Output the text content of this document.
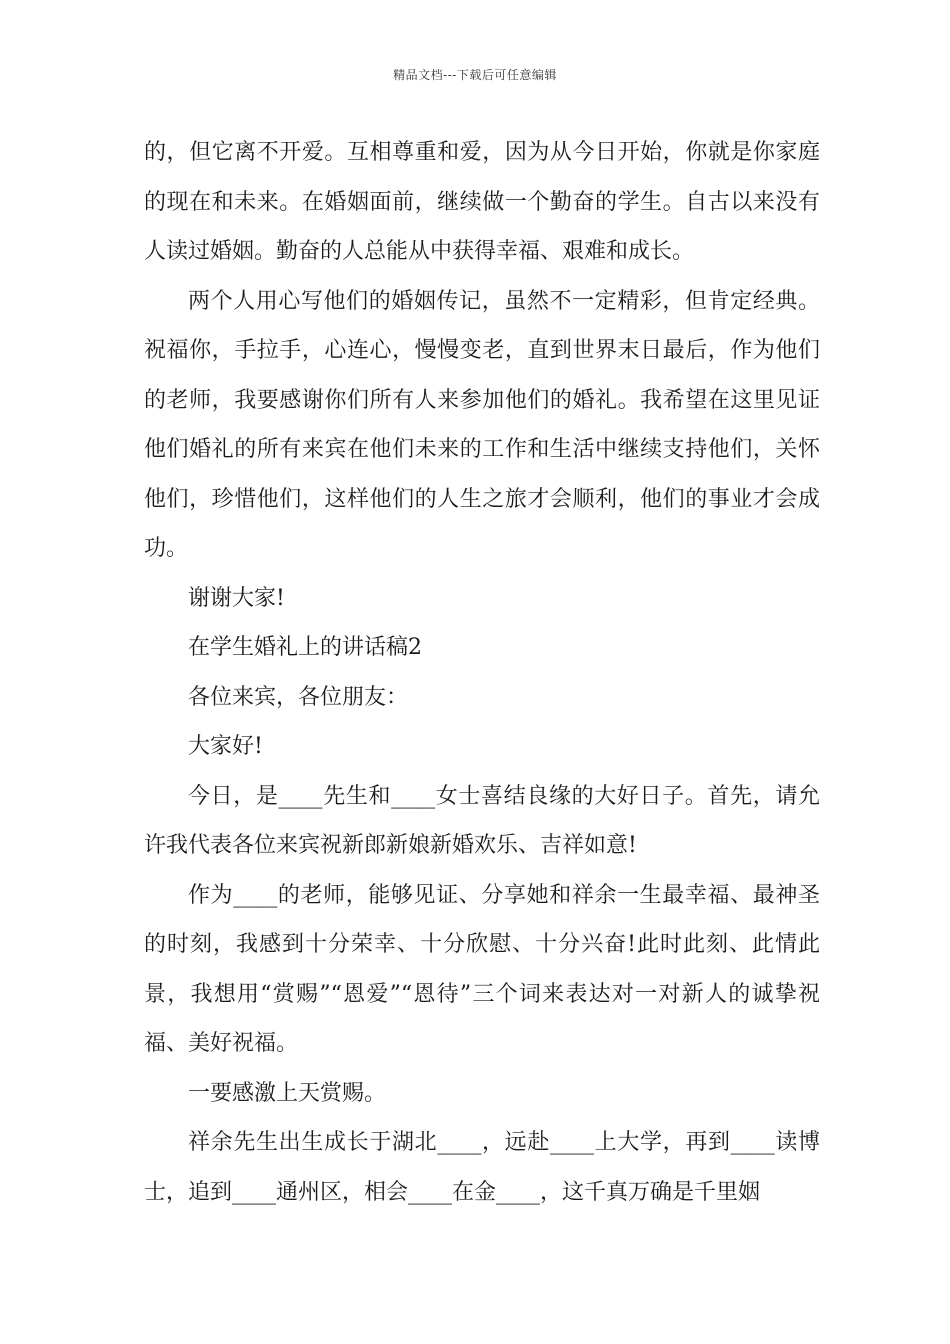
精品文档---下载后可任意编辑

的，但它离不开爱。互相尊重和爱，因为从今日开始，你就是你家庭的现在和未来。在婚姻面前，继续做一个勤奋的学生。自古以来没有人读过婚姻。勤奋的人总能从中获得幸福、艰难和成长。

两个人用心写他们的婚姻传记，虽然不一定精彩，但肯定经典。祝福你，手拉手，心连心，慢慢变老，直到世界末日最后，作为他们的老师，我要感谢你们所有人来参加他们的婚礼。我希望在这里见证他们婚礼的所有来宾在他们未来的工作和生活中继续支持他们，关怀他们，珍惜他们，这样他们的人生之旅才会顺利，他们的事业才会成功。

谢谢大家!

在学生婚礼上的讲话稿2

各位来宾，各位朋友：

大家好!

今日，是____先生和____女士喜结良缘的大好日子。首先，请允许我代表各位来宾祝新郎新娘新婚欢乐、吉祥如意!

作为____的老师，能够见证、分享她和祥余一生最幸福、最神圣的时刻，我感到十分荣幸、十分欣慰、十分兴奋!此时此刻、此情此景，我想用“赏赐”“恩爱”“恩待”三个词来表达对一对新人的诚挚祝福、美好祝福。

一要感激上天赏赐。

祥余先生出生成长于湖北____，远赴____上大学，再到____读博士，追到____通州区，相会____在金____，这千真万确是千里姻
